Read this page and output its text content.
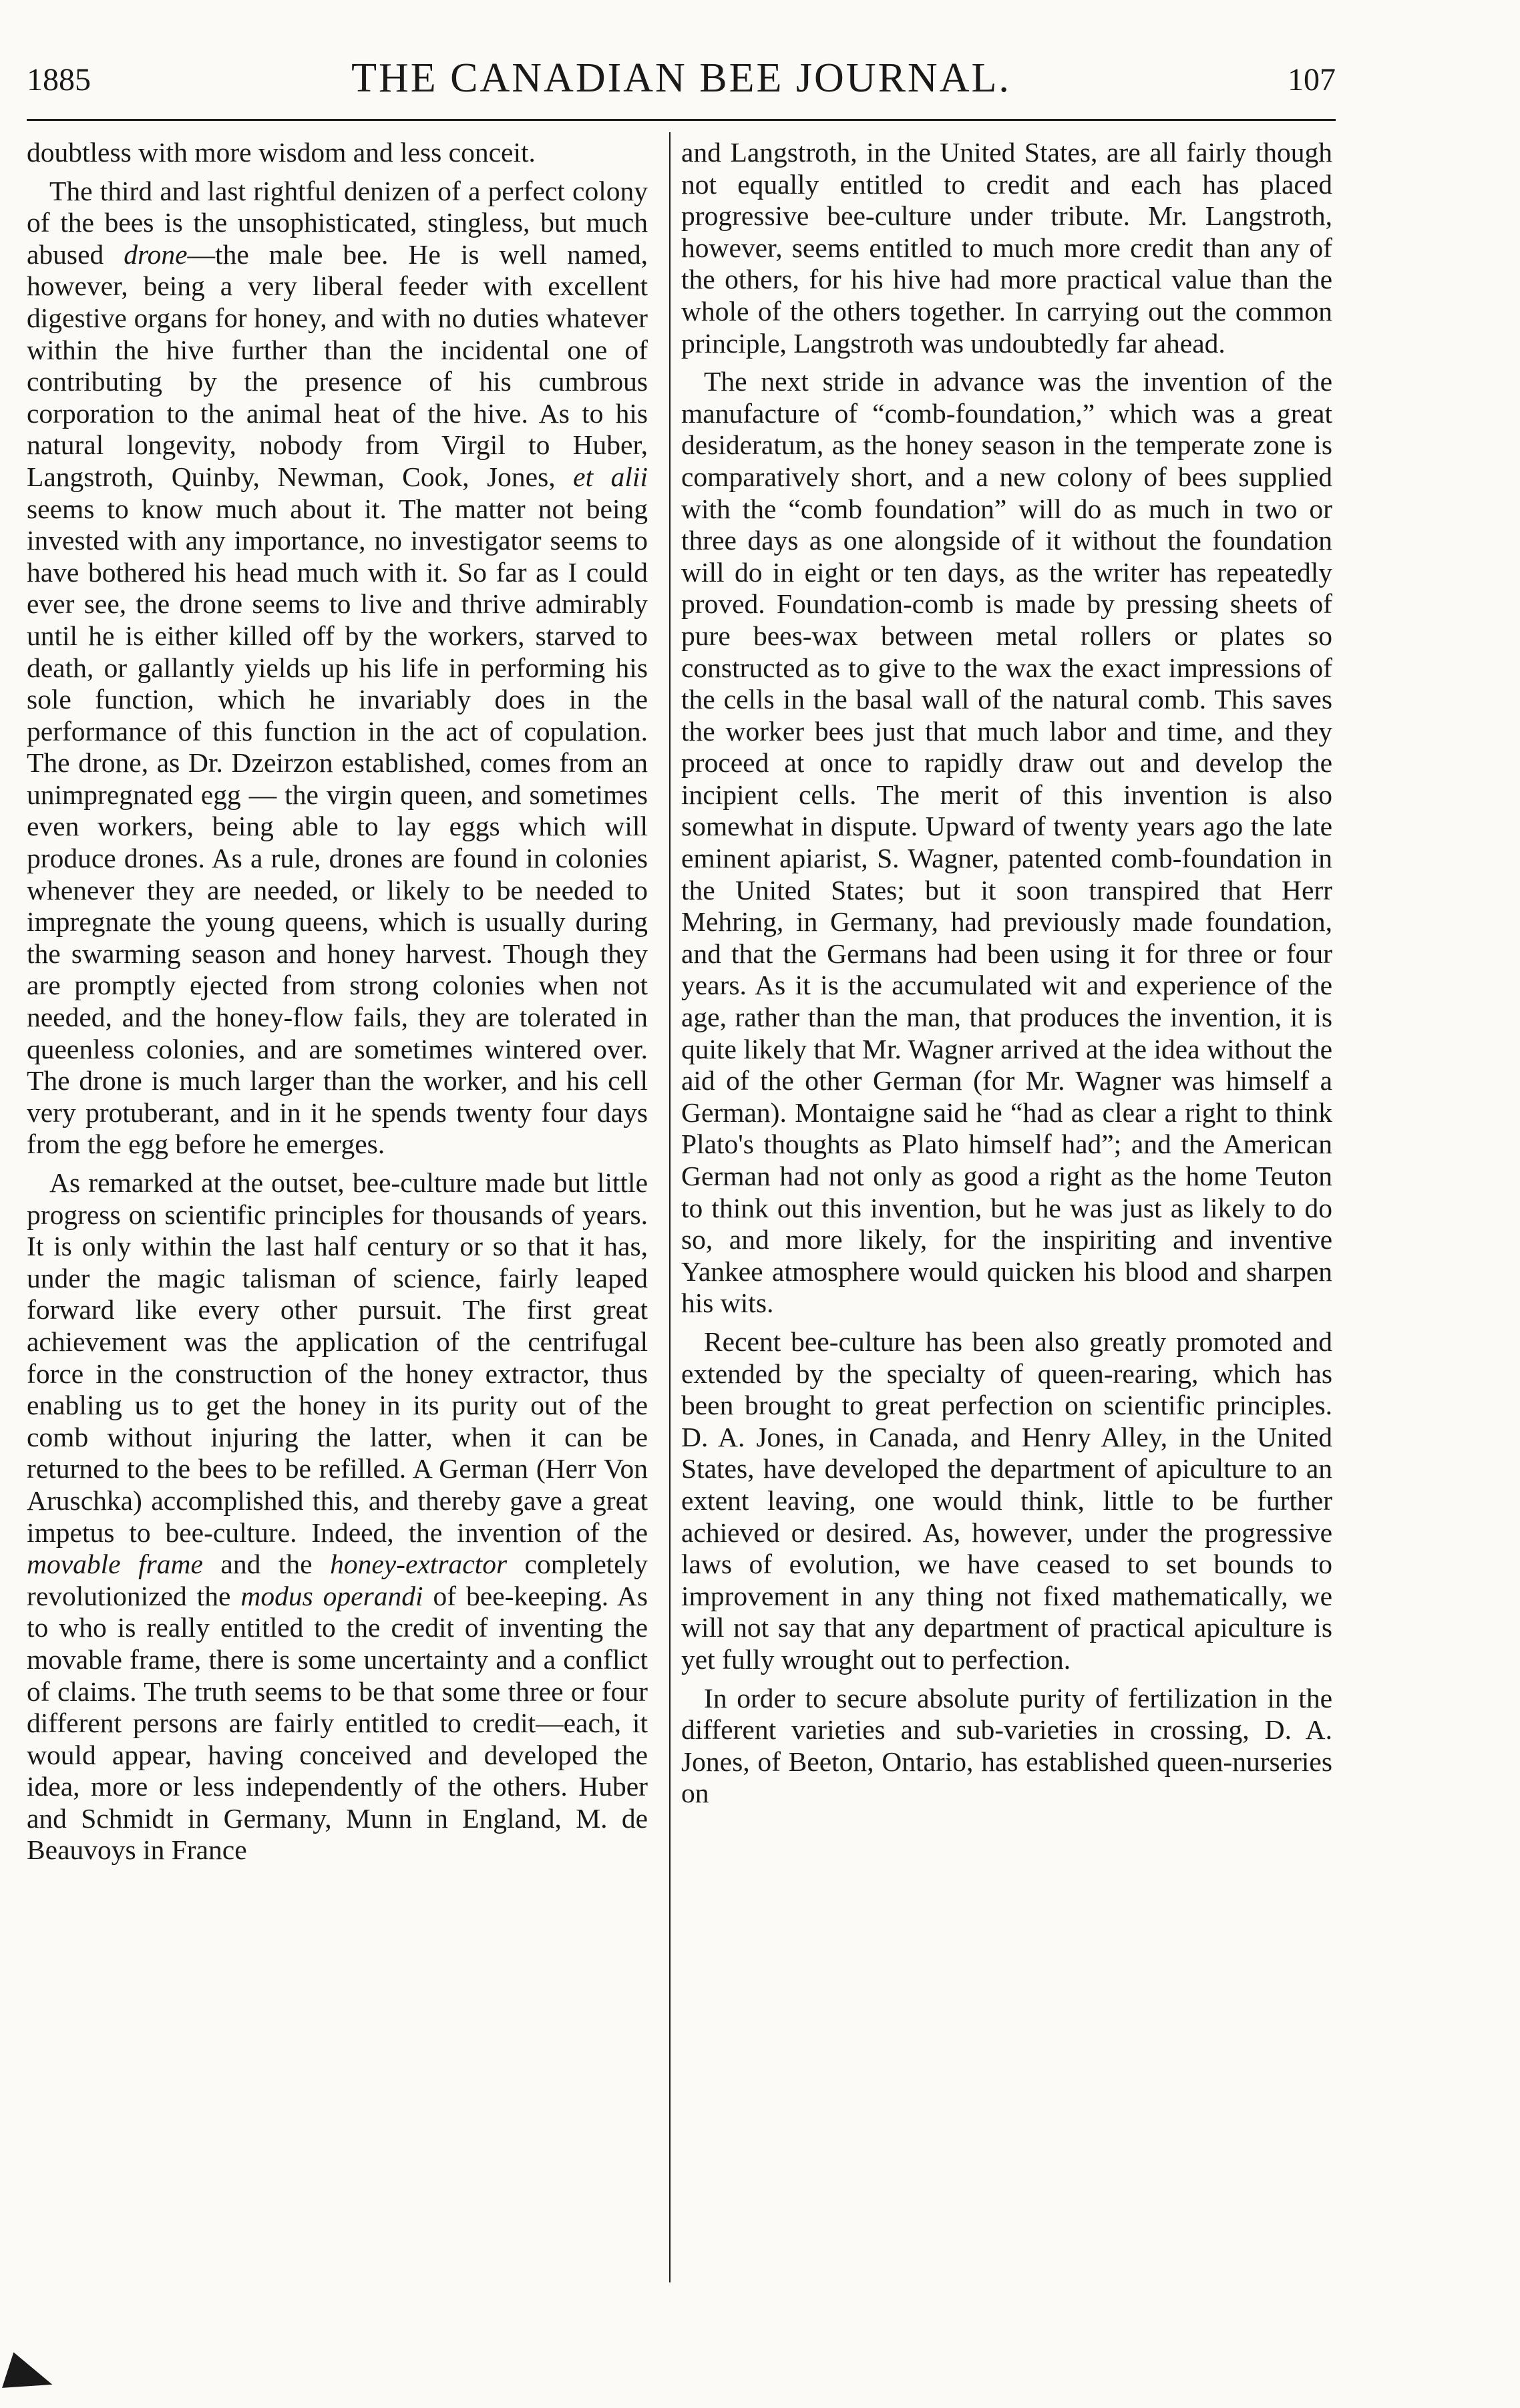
1885	THE CANADIAN BEE JOURNAL.	107

doubtless with more wisdom and less conceit.

The third and last rightful denizen of a perfect colony of the bees is the unsophisticated, stingless, but much abused drone—the male bee. He is well named, however, being a very liberal feeder with excellent digestive organs for honey, and with no duties whatever within the hive further than the incidental one of contributing by the presence of his cumbrous corporation to the animal heat of the hive. As to his natural longevity, nobody from Virgil to Huber, Langstroth, Quinby, Newman, Cook, Jones, et alii seems to know much about it. The matter not being invested with any importance, no investigator seems to have bothered his head much with it. So far as I could ever see, the drone seems to live and thrive admirably until he is either killed off by the workers, starved to death, or gallantly yields up his life in performing his sole function, which he invariably does in the performance of this function in the act of copulation. The drone, as Dr. Dzeirzon established, comes from an unimpregnated egg — the virgin queen, and sometimes even workers, being able to lay eggs which will produce drones. As a rule, drones are found in colonies whenever they are needed, or likely to be needed to impregnate the young queens, which is usually during the swarming season and honey harvest. Though they are promptly ejected from strong colonies when not needed, and the honey-flow fails, they are tolerated in queenless colonies, and are sometimes wintered over. The drone is much larger than the worker, and his cell very protuberant, and in it he spends twenty four days from the egg before he emerges.

As remarked at the outset, bee-culture made but little progress on scientific principles for thousands of years. It is only within the last half century or so that it has, under the magic talisman of science, fairly leaped forward like every other pursuit. The first great achievement was the application of the centrifugal force in the construction of the honey extractor, thus enabling us to get the honey in its purity out of the comb without injuring the latter, when it can be returned to the bees to be refilled. A German (Herr Von Aruschka) accomplished this, and thereby gave a great impetus to bee-culture. Indeed, the invention of the movable frame and the honey-extractor completely revolutionized the modus operandi of bee-keeping. As to who is really entitled to the credit of inventing the movable frame, there is some uncertainty and a conflict of claims. The truth seems to be that some three or four different persons are fairly entitled to credit—each, it would appear, having conceived and developed the idea, more or less independently of the others. Huber and Schmidt in Germany, Munn in England, M. de Beauvoys in France

and Langstroth, in the United States, are all fairly though not equally entitled to credit and each has placed progressive bee-culture under tribute. Mr. Langstroth, however, seems entitled to much more credit than any of the others, for his hive had more practical value than the whole of the others together. In carrying out the common principle, Langstroth was undoubtedly far ahead.

The next stride in advance was the invention of the manufacture of “comb-foundation,” which was a great desideratum, as the honey season in the temperate zone is comparatively short, and a new colony of bees supplied with the “comb foundation” will do as much in two or three days as one alongside of it without the foundation will do in eight or ten days, as the writer has repeatedly proved. Foundation-comb is made by pressing sheets of pure bees-wax between metal rollers or plates so constructed as to give to the wax the exact impressions of the cells in the basal wall of the natural comb. This saves the worker bees just that much labor and time, and they proceed at once to rapidly draw out and develop the incipient cells. The merit of this invention is also somewhat in dispute. Upward of twenty years ago the late eminent apiarist, S. Wagner, patented comb-foundation in the United States; but it soon transpired that Herr Mehring, in Germany, had previously made foundation, and that the Germans had been using it for three or four years. As it is the accumulated wit and experience of the age, rather than the man, that produces the invention, it is quite likely that Mr. Wagner arrived at the idea without the aid of the other German (for Mr. Wagner was himself a German). Montaigne said he “had as clear a right to think Plato's thoughts as Plato himself had”; and the American German had not only as good a right as the home Teuton to think out this invention, but he was just as likely to do so, and more likely, for the inspiriting and inventive Yankee atmosphere would quicken his blood and sharpen his wits.

Recent bee-culture has been also greatly promoted and extended by the specialty of queen-rearing, which has been brought to great perfection on scientific principles. D. A. Jones, in Canada, and Henry Alley, in the United States, have developed the department of apiculture to an extent leaving, one would think, little to be further achieved or desired. As, however, under the progressive laws of evolution, we have ceased to set bounds to improvement in any thing not fixed mathematically, we will not say that any department of practical apiculture is yet fully wrought out to perfection.

In order to secure absolute purity of fertilization in the different varieties and sub-varieties in crossing, D. A. Jones, of Beeton, Ontario, has established queen-nurseries on
